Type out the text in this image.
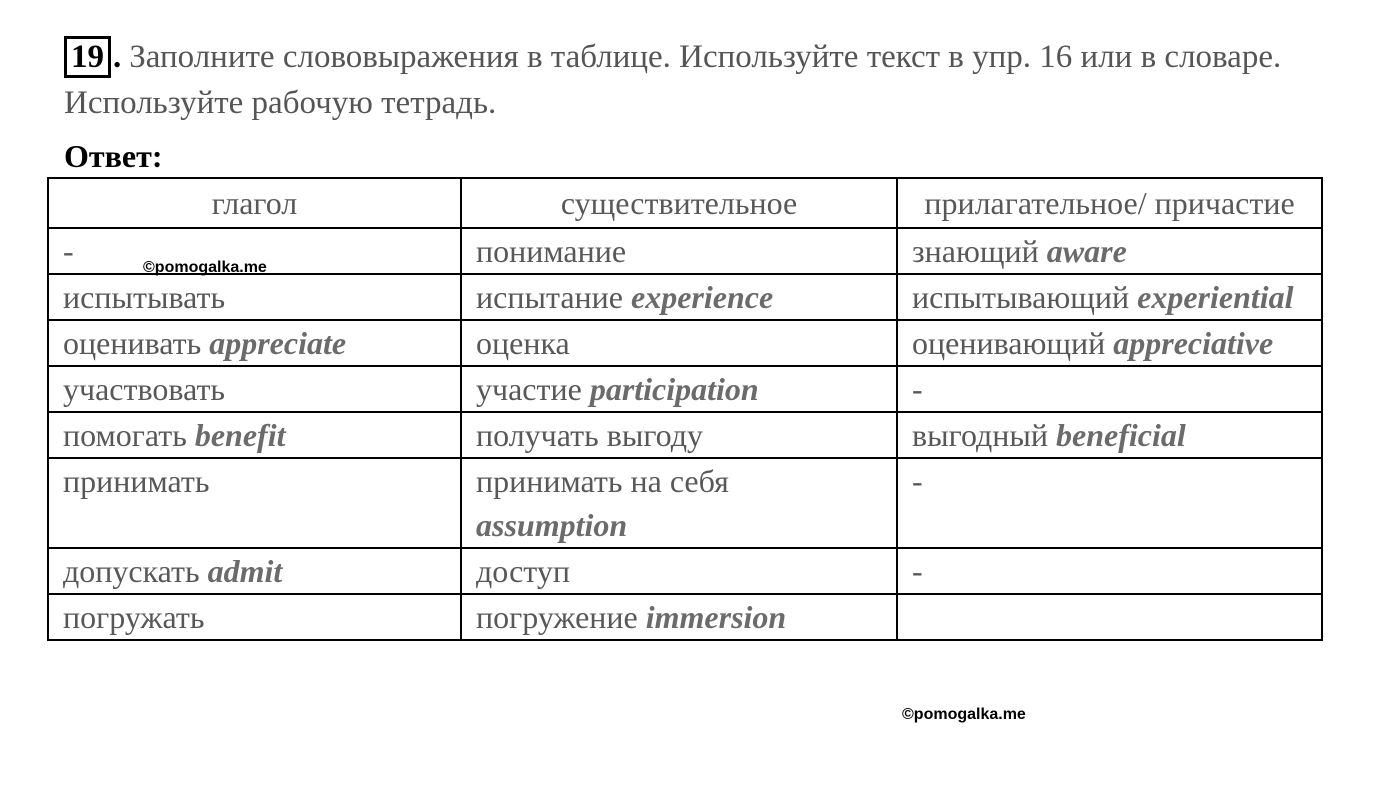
19 . Заполните слововыражения в таблице. Используйте текст в упр. 16 или в словаре. Используйте рабочую тетрадь.
Ответ:
глагол	существительное	прилагательное/ причастие
-	понимание	знающий aware
испытывать	испытание experience	испытывающий experiential
оценивать appreciate	оценка	оценивающий appreciative
участвовать	участие participation	-
помогать benefit	получать выгоду	выгодный beneficial
принимать	принимать на себя assumption	-
допускать admit	доступ	-
погружать	погружение immersion	
©pomogalka.me
©pomogalka.me
